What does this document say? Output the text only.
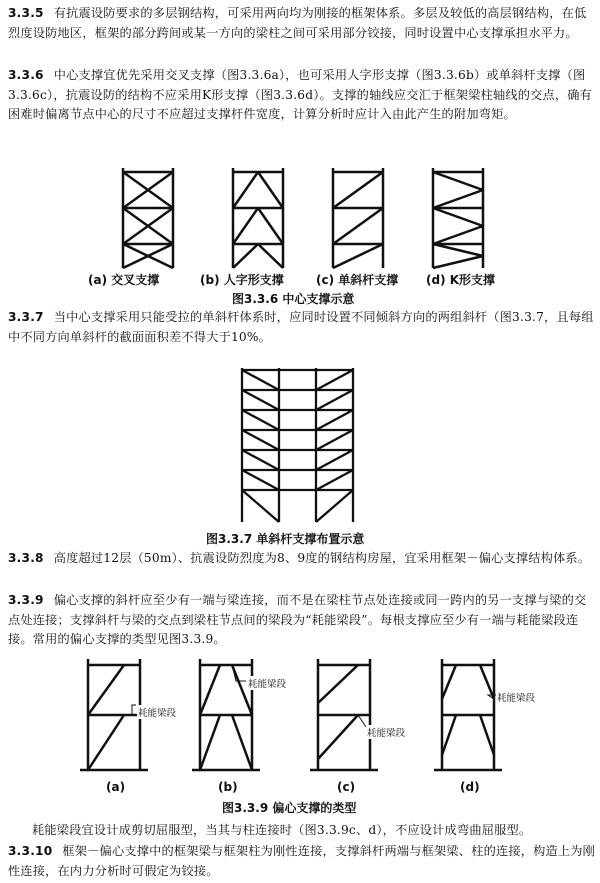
3.3.5 有抗震设防要求的多层钢结构，可采用两向均为刚接的框架体系。多层及较低的高层钢结构，在低烈度设防地区，框架的部分跨间或某一方向的梁柱之间可采用部分铰接，同时设置中心支撑承担水平力。

3.3.6 中心支撑宜优先采用交叉支撑（图3.3.6a），也可采用人字形支撑（图3.3.6b）或单斜杆支撑（图3.3.6c），抗震设防的结构不应采用K形支撑（图3.3.6d）。支撑的轴线应交汇于框架梁柱轴线的交点，确有困难时偏离节点中心的尺寸不应超过支撑杆件宽度，计算分析时应计入由此产生的附加弯矩。

(a) 交叉支撑	(b) 人字形支撑	(c) 单斜杆支撑 (d) K形支撑
图3.3.6 中心支撑示意

3.3.7 当中心支撑采用只能受拉的单斜杆体系时，应同时设置不同倾斜方向的两组斜杆（图3.3.7，且每组中不同方向单斜杆的截面面积差不得大于10%。

图3.3.7 单斜杆支撑布置示意

3.3.8 高度超过12层（50m）、抗震设防烈度为8、9度的钢结构房屋，宜采用框架－偏心支撑结构体系。

3.3.9 偏心支撑的斜杆应至少有一端与梁连接，而不是在梁柱节点处连接或同一跨内的另一支撑与梁的交点处连接；支撑斜杆与梁的交点到梁柱节点间的梁段为“耗能梁段”。每根支撑应至少有一端与耗能梁段连接。常用的偏心支撑的类型见图3.3.9。

耗能梁段
耗能梁段
耗能梁段
耗能梁段
(a)	(b)	(c)	(d)
图3.3.9 偏心支撑的类型

耗能梁段宜设计成剪切屈服型，当其与柱连接时（图3.3.9c、d），不应设计成弯曲屈服型。

3.3.10 框架－偏心支撑中的框架梁与框架柱为刚性连接，支撑斜杆两端与框架梁、柱的连接，构造上为刚性连接，在内力分析时可假定为铰接。
